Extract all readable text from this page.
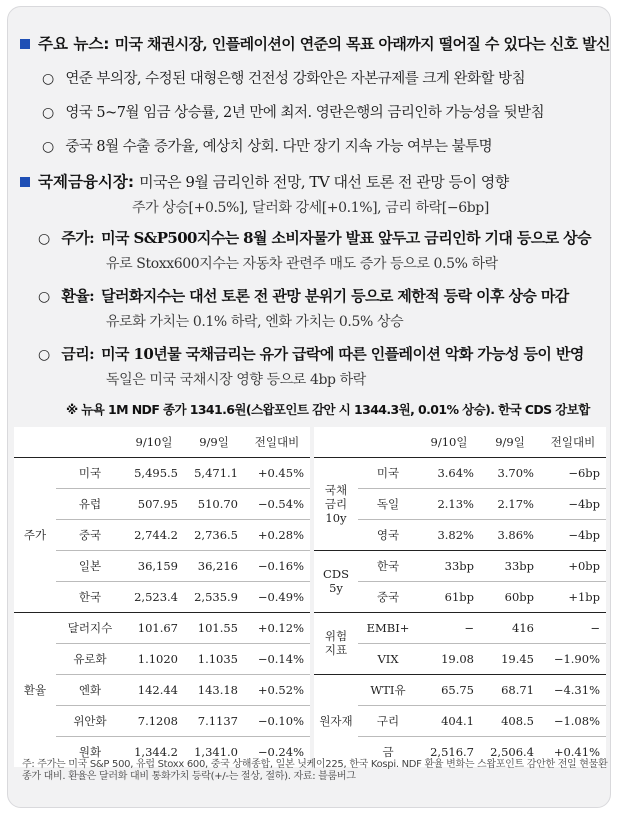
주요 뉴스: 미국 채권시장, 인플레이션이 연준의 목표 아래까지 떨어질 수 있다는 신호 발신
○ 연준 부의장, 수정된 대형은행 건전성 강화안은 자본규제를 크게 완화할 방침
○ 영국 5~7월 임금 상승률, 2년 만에 최저. 영란은행의 금리인하 가능성을 뒷받침
○ 중국 8월 수출 증가율, 예상치 상회. 다만 장기 지속 가능 여부는 불투명
국제금융시장: 미국은 9월 금리인하 전망, TV 대선 토론 전 관망 등이 영향
주가 상승[+0.5%], 달러화 강세[+0.1%], 금리 하락[−6bp]
○ 주가: 미국 S&P500지수는 8월 소비자물가 발표 앞두고 금리인하 기대 등으로 상승
유로 Stoxx600지수는 자동차 관련주 매도 증가 등으로 0.5% 하락
○ 환율: 달러화지수는 대선 토론 전 관망 분위기 등으로 제한적 등락 이후 상승 마감
유로화 가치는 0.1% 하락, 엔화 가치는 0.5% 상승
○ 금리: 미국 10년물 국채금리는 유가 급락에 따른 인플레이션 악화 가능성 등이 반영
독일은 미국 국채시장 영향 등으로 4bp 하락
※ 뉴욕 1M NDF 종가 1341.6원(스왑포인트 감안 시 1344.3원, 0.01% 상승). 한국 CDS 강보합
		9/10일	9/9일	전일대비
주가	미국	5,495.5	5,471.1	+0.45%
	유럽	507.95	510.70	−0.54%
	중국	2,744.2	2,736.5	+0.28%
	일본	36,159	36,216	−0.16%
	한국	2,523.4	2,535.9	−0.49%
환율	달러지수	101.67	101.55	+0.12%
	유로화	1.1020	1.1035	−0.14%
	엔화	142.44	143.18	+0.52%
	위안화	7.1208	7.1137	−0.10%
	원화	1,344.2	1,341.0	−0.24%
		9/10일	9/9일	전일대비
국채
금리
10y	미국	3.64%	3.70%	−6bp
	독일	2.13%	2.17%	−4bp
	영국	3.82%	3.86%	−4bp
CDS
5y	한국	33bp	33bp	+0bp
	중국	61bp	60bp	+1bp
위험
지표	EMBI+	−	416	−
	VIX	19.08	19.45	−1.90%
원자재	WTI유	65.75	68.71	−4.31%
	구리	404.1	408.5	−1.08%
	금	2,516.7	2,506.4	+0.41%
주: 주가는 미국 S&P 500, 유럽 Stoxx 600, 중국 상해종합, 일본 닛케이225, 한국 Kospi. NDF 환율 변화는 스왑포인트 감안한 전일 현물환 종가 대비. 환율은 달러화 대비 통화가치 등락(+/-는 절상, 절하). 자료: 블룸버그
